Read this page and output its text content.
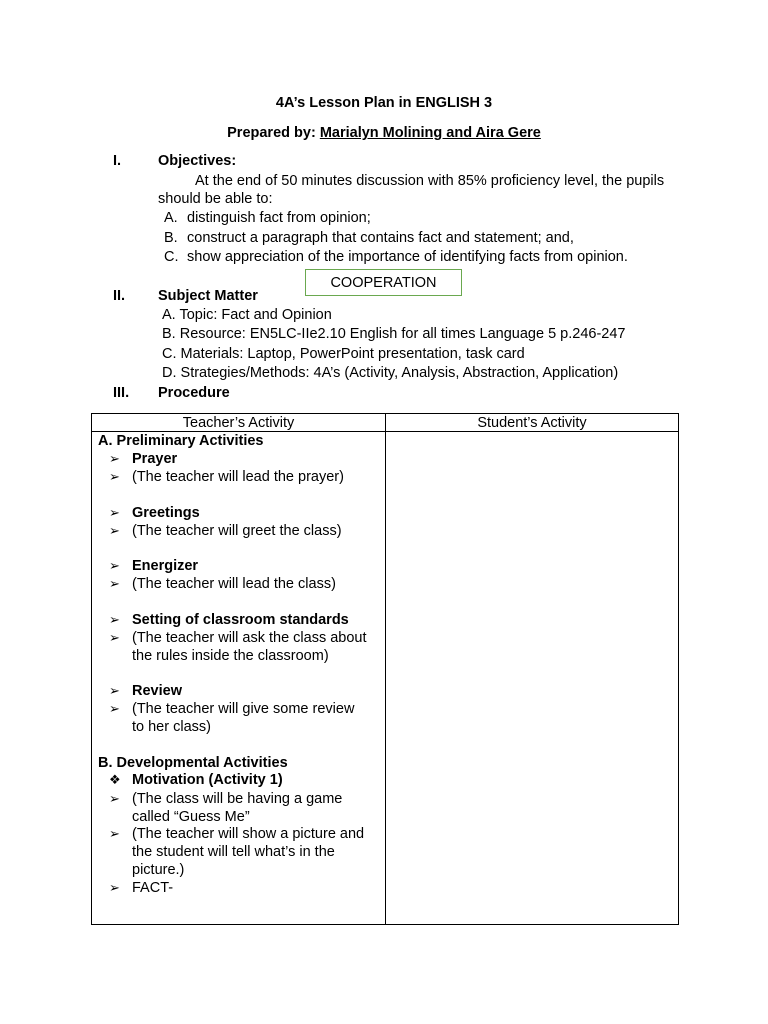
4A’s Lesson Plan in ENGLISH 3
Prepared by: Marialyn Molining and Aira Gere
I.	Objectives:
At the end of 50 minutes discussion with 85% proficiency level, the pupils
should be able to:
A. distinguish fact from opinion;
B. construct a paragraph that contains fact and statement; and,
C. show appreciation of the importance of identifying facts from opinion.
COOPERATION
II. Subject Matter
A. Topic: Fact and Opinion
B. Resource: EN5LC-IIe2.10 English for all times Language 5 p.246-247
C. Materials: Laptop, PowerPoint presentation, task card
D. Strategies/Methods: 4A’s (Activity, Analysis, Abstraction, Application)
III. Procedure
Teacher’s Activity	Student’s Activity
A. Preliminary Activities
➢ Prayer
➢ (The teacher will lead the prayer)
➢ Greetings
➢ (The teacher will greet the class)
➢ Energizer
➢ (The teacher will lead the class)
➢ Setting of classroom standards
➢ (The teacher will ask the class about
the rules inside the classroom)
➢ Review
➢ (The teacher will give some review
to her class)
B. Developmental Activities
❖ Motivation (Activity 1)
➢ (The class will be having a game
called “Guess Me”
➢ (The teacher will show a picture and
the student will tell what’s in the
picture.)
➢ FACT-
